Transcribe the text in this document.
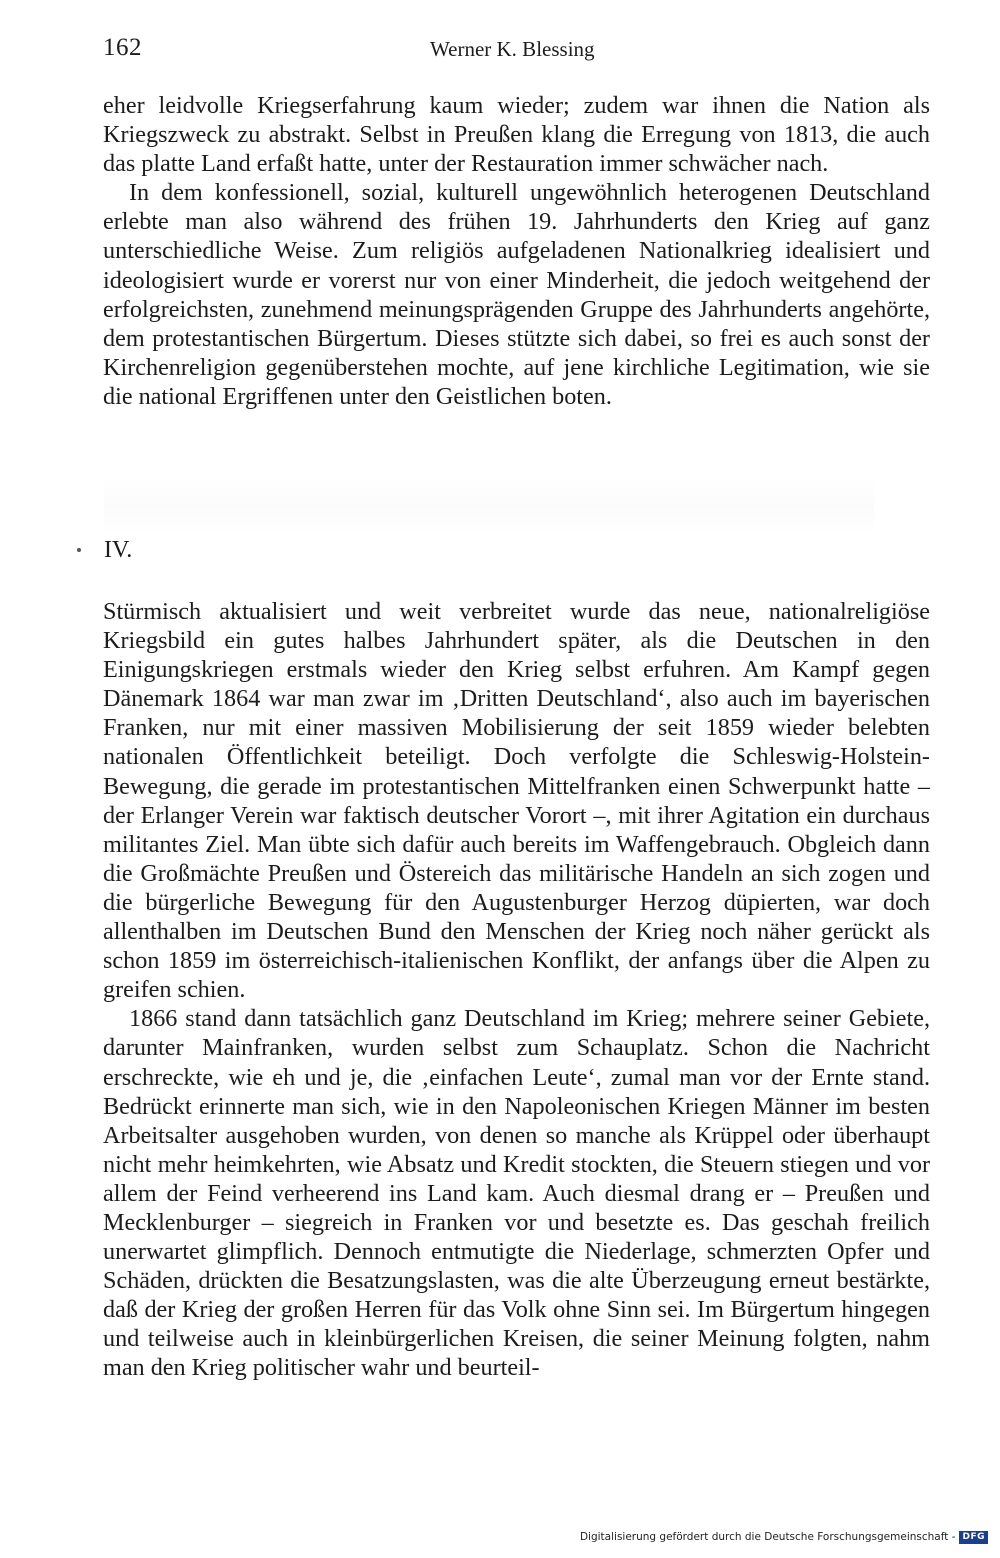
162	Werner K. Blessing

eher leidvolle Kriegserfahrung kaum wieder; zudem war ihnen die Nation als Kriegszweck zu abstrakt. Selbst in Preußen klang die Erregung von 1813, die auch das platte Land erfaßt hatte, unter der Restauration immer schwächer nach.

In dem konfessionell, sozial, kulturell ungewöhnlich heterogenen Deutschland erlebte man also während des frühen 19. Jahrhunderts den Krieg auf ganz unterschiedliche Weise. Zum religiös aufgeladenen Nationalkrieg idealisiert und ideologisiert wurde er vorerst nur von einer Minderheit, die jedoch weitgehend der erfolgreichsten, zunehmend meinungsprägenden Gruppe des Jahrhunderts angehörte, dem protestantischen Bürgertum. Dieses stützte sich dabei, so frei es auch sonst der Kirchenreligion gegenüberstehen mochte, auf jene kirchliche Legitimation, wie sie die national Ergriffenen unter den Geistlichen boten.

IV.

Stürmisch aktualisiert und weit verbreitet wurde das neue, nationalreligiöse Kriegsbild ein gutes halbes Jahrhundert später, als die Deutschen in den Einigungskriegen erstmals wieder den Krieg selbst erfuhren. Am Kampf gegen Dänemark 1864 war man zwar im ‚Dritten Deutschland‘, also auch im bayerischen Franken, nur mit einer massiven Mobilisierung der seit 1859 wieder belebten nationalen Öffentlichkeit beteiligt. Doch verfolgte die Schleswig-Holstein-Bewegung, die gerade im protestantischen Mittelfranken einen Schwerpunkt hatte – der Erlanger Verein war faktisch deutscher Vorort –, mit ihrer Agitation ein durchaus militantes Ziel. Man übte sich dafür auch bereits im Waffengebrauch. Obgleich dann die Großmächte Preußen und Östereich das militärische Handeln an sich zogen und die bürgerliche Bewegung für den Augustenburger Herzog düpierten, war doch allenthalben im Deutschen Bund den Menschen der Krieg noch näher gerückt als schon 1859 im österreichisch-italienischen Konflikt, der anfangs über die Alpen zu greifen schien.

1866 stand dann tatsächlich ganz Deutschland im Krieg; mehrere seiner Gebiete, darunter Mainfranken, wurden selbst zum Schauplatz. Schon die Nachricht erschreckte, wie eh und je, die ‚einfachen Leute‘, zumal man vor der Ernte stand. Bedrückt erinnerte man sich, wie in den Napoleonischen Kriegen Männer im besten Arbeitsalter ausgehoben wurden, von denen so manche als Krüppel oder überhaupt nicht mehr heimkehrten, wie Absatz und Kredit stockten, die Steuern stiegen und vor allem der Feind verheerend ins Land kam. Auch diesmal drang er – Preußen und Mecklenburger – siegreich in Franken vor und besetzte es. Das geschah freilich unerwartet glimpflich. Dennoch entmutigte die Niederlage, schmerzten Opfer und Schäden, drückten die Besatzungslasten, was die alte Überzeugung erneut bestärkte, daß der Krieg der großen Herren für das Volk ohne Sinn sei. Im Bürgertum hingegen und teilweise auch in kleinbürgerlichen Kreisen, die seiner Meinung folgten, nahm man den Krieg politischer wahr und beurteil-

Digitalisierung gefördert durch die Deutsche Forschungsgemeinschaft - DFG
